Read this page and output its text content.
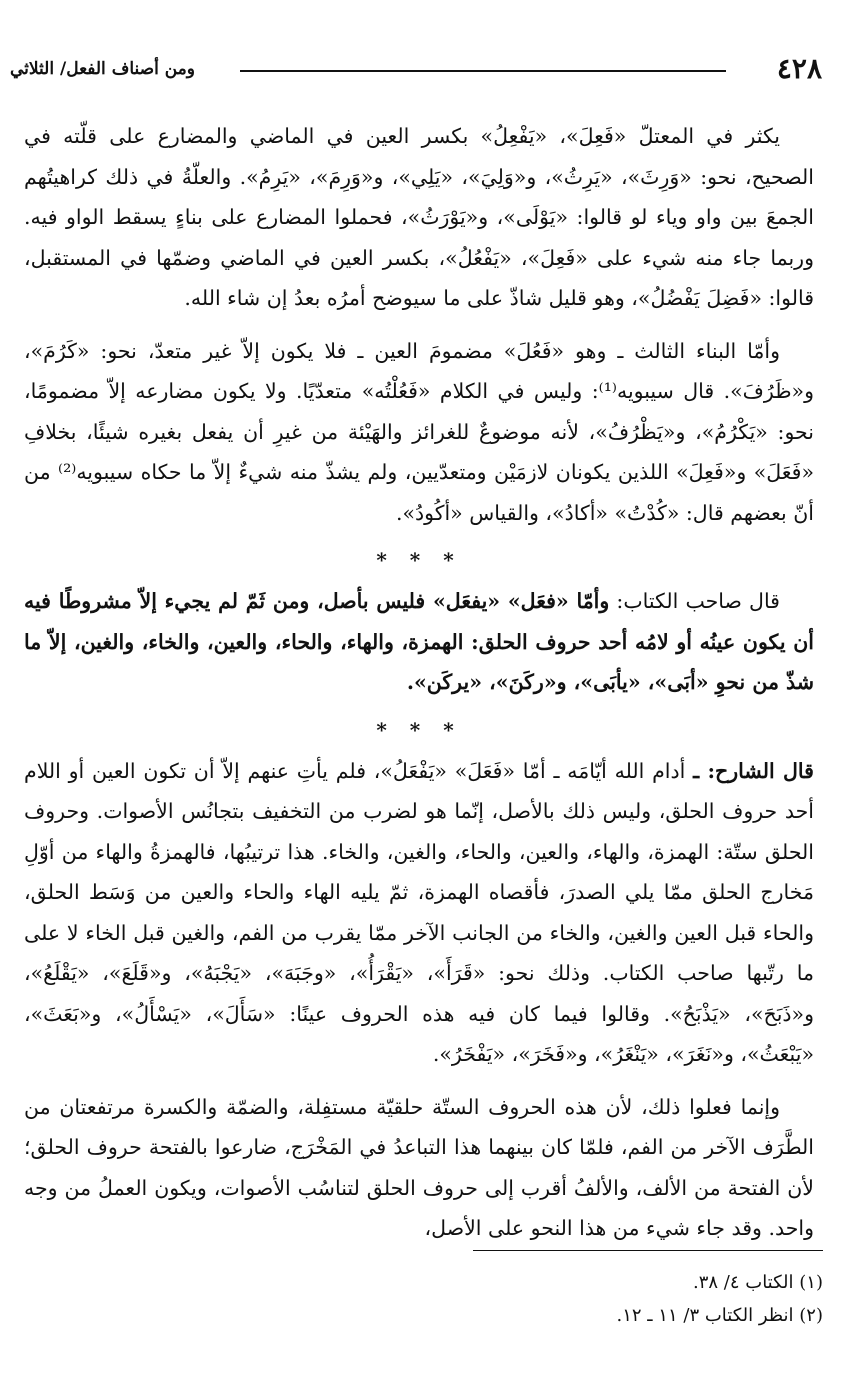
٤٢٨
ومن أصناف الفعل/ الثلاثي

يكثر في المعتلّ «فَعِلَ»، «يَفْعِلُ» بكسر العين في الماضي والمضارع على قلّته في الصحيح، نحو: «وَرِثَ»، «يَرِثُ»، و«وَلِيَ»، «يَلِي»، و«وَرِمَ»، «يَرِمُ». والعلّةُ في ذلك كراهيتُهم الجمعَ بين واو وياء لو قالوا: «يَوْلَى»، و«يَوْرَثُ»، فحملوا المضارع على بناءٍ يسقط الواو فيه. وربما جاء منه شيء على «فَعِلَ»، «يَفْعُلُ»، بكسر العين في الماضي وضمّها في المستقبل، قالوا: «فَضِلَ يَفْضُلُ»، وهو قليل شاذّ على ما سيوضح أمرُه بعدُ إن شاء الله.

وأمّا البناء الثالث ـ وهو «فَعُلَ» مضمومَ العين ـ فلا يكون إلاّ غير متعدّ، نحو: «كَرُمَ»، و«ظَرُفَ». قال سيبويه⁽¹⁾: وليس في الكلام «فَعُلْتُه» متعدّيًا. ولا يكون مضارعه إلاّ مضمومًا، نحو: «يَكْرُمُ»، و«يَظْرُفُ»، لأنه موضوعٌ للغرائز والهَيْئة من غيرِ أن يفعل بغيره شيئًا، بخلافِ «فَعَلَ» و«فَعِلَ» اللذين يكونان لازمَيْن ومتعدّيين، ولم يشذّ منه شيءٌ إلاّ ما حكاه سيبويه⁽²⁾ من أنّ بعضهم قال: «كُدْتُ» «أكادُ»، والقياس «أكُودُ».

* * *

قال صاحب الكتاب: وأمّا «فعَل» «يفعَل» فليس بأصل، ومن ثَمّ لم يجيء إلاّ مشروطًا فيه أن يكون عينُه أو لامُه أحد حروف الحلق: الهمزة، والهاء، والحاء، والعين، والخاء، والغين، إلاّ ما شذّ من نحوِ «أبَى»، «يأبَى»، و«ركَنَ»، «يركَن».

* * *

قال الشارح: ـ أدام الله أيّامَه ـ أمّا «فَعَلَ» «يَفْعَلُ»، فلم يأتِ عنهم إلاّ أن تكون العين أو اللام أحد حروف الحلق، وليس ذلك بالأصل، إنّما هو لضرب من التخفيف بتجانُس الأصوات. وحروف الحلق ستّة: الهمزة، والهاء، والعين، والحاء، والغين، والخاء. هذا ترتيبُها، فالهمزةُ والهاء من أوّلِ مَخارج الحلق ممّا يلي الصدرَ، فأقصاه الهمزة، ثمّ يليه الهاء والحاء والعين من وَسَط الحلق، والحاء قبل العين والغين، والخاء من الجانب الآخر ممّا يقرب من الفم، والغين قبل الخاء لا على ما رتّبها صاحب الكتاب. وذلك نحو: «قَرَأَ»، «يَقْرَأُ»، «وجَبَهَ»، «يَجْبَهُ»، و«قَلَعَ»، «يَقْلَعُ»، و«ذَبَحَ»، «يَذْبَحُ». وقالوا فيما كان فيه هذه الحروف عينًا: «سَأَلَ»، «يَسْأَلُ»، و«بَعَثَ»، «يَبْعَثُ»، و«نَغَرَ»، «يَنْغَرُ»، و«فَخَرَ»، «يَفْخَرُ».

وإنما فعلوا ذلك، لأن هذه الحروف الستّة حلقيّة مستفِلة، والضمّة والكسرة مرتفعتان من الطَّرَف الآخر من الفم، فلمّا كان بينهما هذا التباعدُ في المَخْرَج، ضارعوا بالفتحة حروف الحلق؛ لأن الفتحة من الألف، والألفُ أقرب إلى حروف الحلق لتناسُب الأصوات، ويكون العملُ من وجه واحد. وقد جاء شيء من هذا النحو على الأصل،

(١) الكتاب ٤/ ٣٨.
(٢) انظر الكتاب ٣/ ١١ ـ ١٢.
